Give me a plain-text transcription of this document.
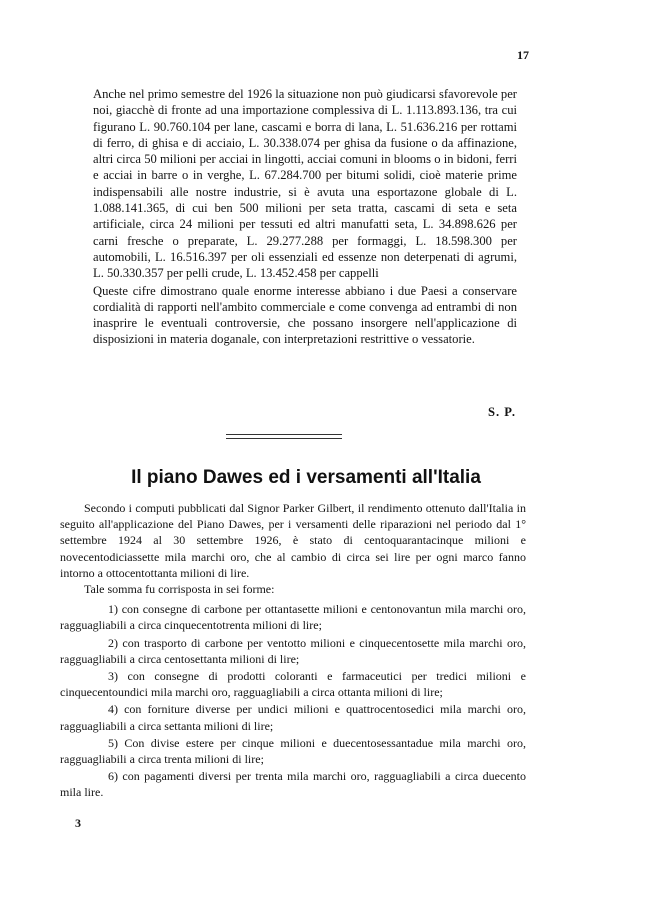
17

Anche nel primo semestre del 1926 la situazione non può giudicarsi sfavorevole per noi, giacchè di fronte ad una importazione complessiva di L. 1.113.893.136, tra cui figurano L. 90.760.104 per lane, cascami e borra di lana, L. 51.636.216 per rottami di ferro, di ghisa e di acciaio, L. 30.338.074 per ghisa da fusione o da affinazione, altri circa 50 milioni per acciai in lingotti, acciai comuni in blooms o in bidoni, ferri e acciai in barre o in verghe, L. 67.284.700 per bitumi solidi, cioè materie prime indispensabili alle nostre industrie, si è avuta una esportazone globale di L. 1.088.141.365, di cui ben 500 milioni per seta tratta, cascami di seta e seta artificiale, circa 24 milioni per tessuti ed altri manufatti seta, L. 34.898.626 per carni fresche o preparate, L. 29.277.288 per formaggi, L. 18.598.300 per automobili, L. 16.516.397 per oli essenziali ed essenze non deterpenati di agrumi, L. 50.330.357 per pelli crude, L. 13.452.458 per cappelli

Queste cifre dimostrano quale enorme interesse abbiano i due Paesi a conservare cordialità di rapporti nell'ambito commerciale e come convenga ad entrambi di non inasprire le eventuali controversie, che possano insorgere nell'applicazione di disposizioni in materia doganale, con interpretazioni restrittive o vessatorie.

S. P.
Il piano Dawes ed i versamenti all'Italia

Secondo i computi pubblicati dal Signor Parker Gilbert, il rendimento ottenuto dall'Italia in seguito all'applicazione del Piano Dawes, per i versamenti delle riparazioni nel periodo dal 1° settembre 1924 al 30 settembre 1926, è stato di centoquarantacinque milioni e novecentodiciassette mila marchi oro, che al cambio di circa sei lire per ogni marco fanno intorno a ottocentottanta milioni di lire.

Tale somma fu corrisposta in sei forme:

1) con consegne di carbone per ottantasette milioni e centonovantun mila marchi oro, ragguagliabili a circa cinquecentotrenta milioni di lire;

2) con trasporto di carbone per ventotto milioni e cinquecentosette mila marchi oro, ragguagliabili a circa centosettanta milioni di lire;

3) con consegne di prodotti coloranti e farmaceutici per tredici milioni e cinquecentoundici mila marchi oro, ragguagliabili a circa ottanta milioni di lire;

4) con forniture diverse per undici milioni e quattrocentosedici mila marchi oro, ragguagliabili a circa settanta milioni di lire;

5) Con divise estere per cinque milioni e duecentosessantadue mila marchi oro, ragguagliabili a circa trenta milioni di lire;

6) con pagamenti diversi per trenta mila marchi oro, ragguagliabili a circa duecento mila lire.

3
